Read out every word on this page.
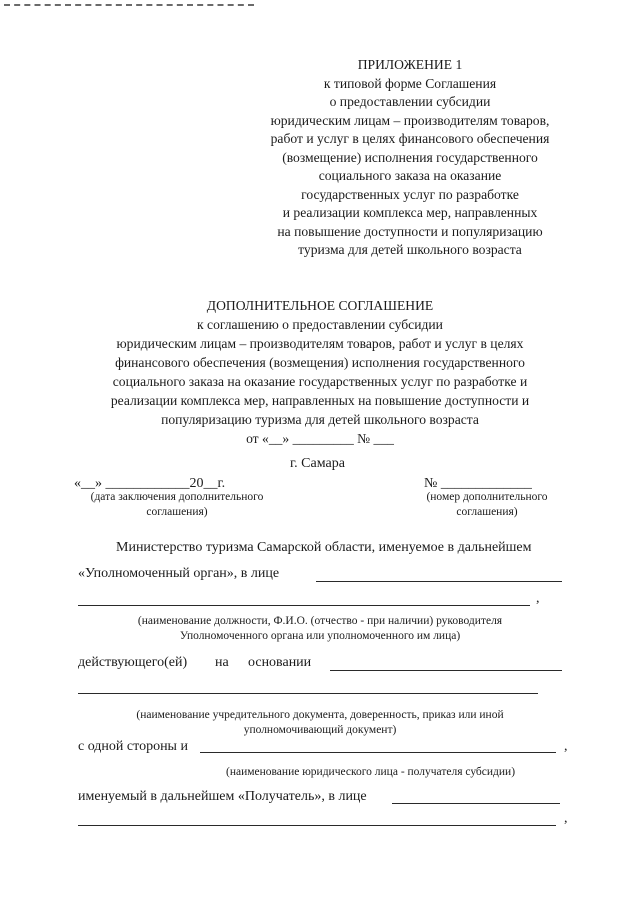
ПРИЛОЖЕНИЕ 1
к типовой форме Соглашения
о предоставлении субсидии
юридическим лицам – производителям товаров,
работ и услуг в целях финансового обеспечения
(возмещение) исполнения государственного
социального заказа на оказание
государственных услуг по разработке
и реализации комплекса мер, направленных
на повышение доступности и популяризацию
туризма для детей школьного возраста
ДОПОЛНИТЕЛЬНОЕ СОГЛАШЕНИЕ
к соглашению о предоставлении субсидии
юридическим лицам – производителям товаров, работ и услуг в целях
финансового обеспечения (возмещения) исполнения государственного
социального заказа на оказание государственных услуг по разработке и
реализации комплекса мер, направленных на повышение доступности и
популяризацию туризма для детей школьного возраста
от «__» _________ № ___
г. Самара
«__» ____________20__г.
(дата заключения дополнительного
соглашения)
№ _____________
(номер дополнительного
соглашения)
Министерство туризма Самарской области, именуемое в дальнейшем
«Уполномоченный орган», в лице
,
(наименование должности, Ф.И.О. (отчество - при наличии) руководителя
Уполномоченного органа или уполномоченного им лица)
действующего(ей) на основании
(наименование учредительного документа, доверенность, приказ или иной
уполномочивающий документ)
с одной стороны и	,
(наименование юридического лица - получателя субсидии)
именуемый в дальнейшем «Получатель», в лице
,
